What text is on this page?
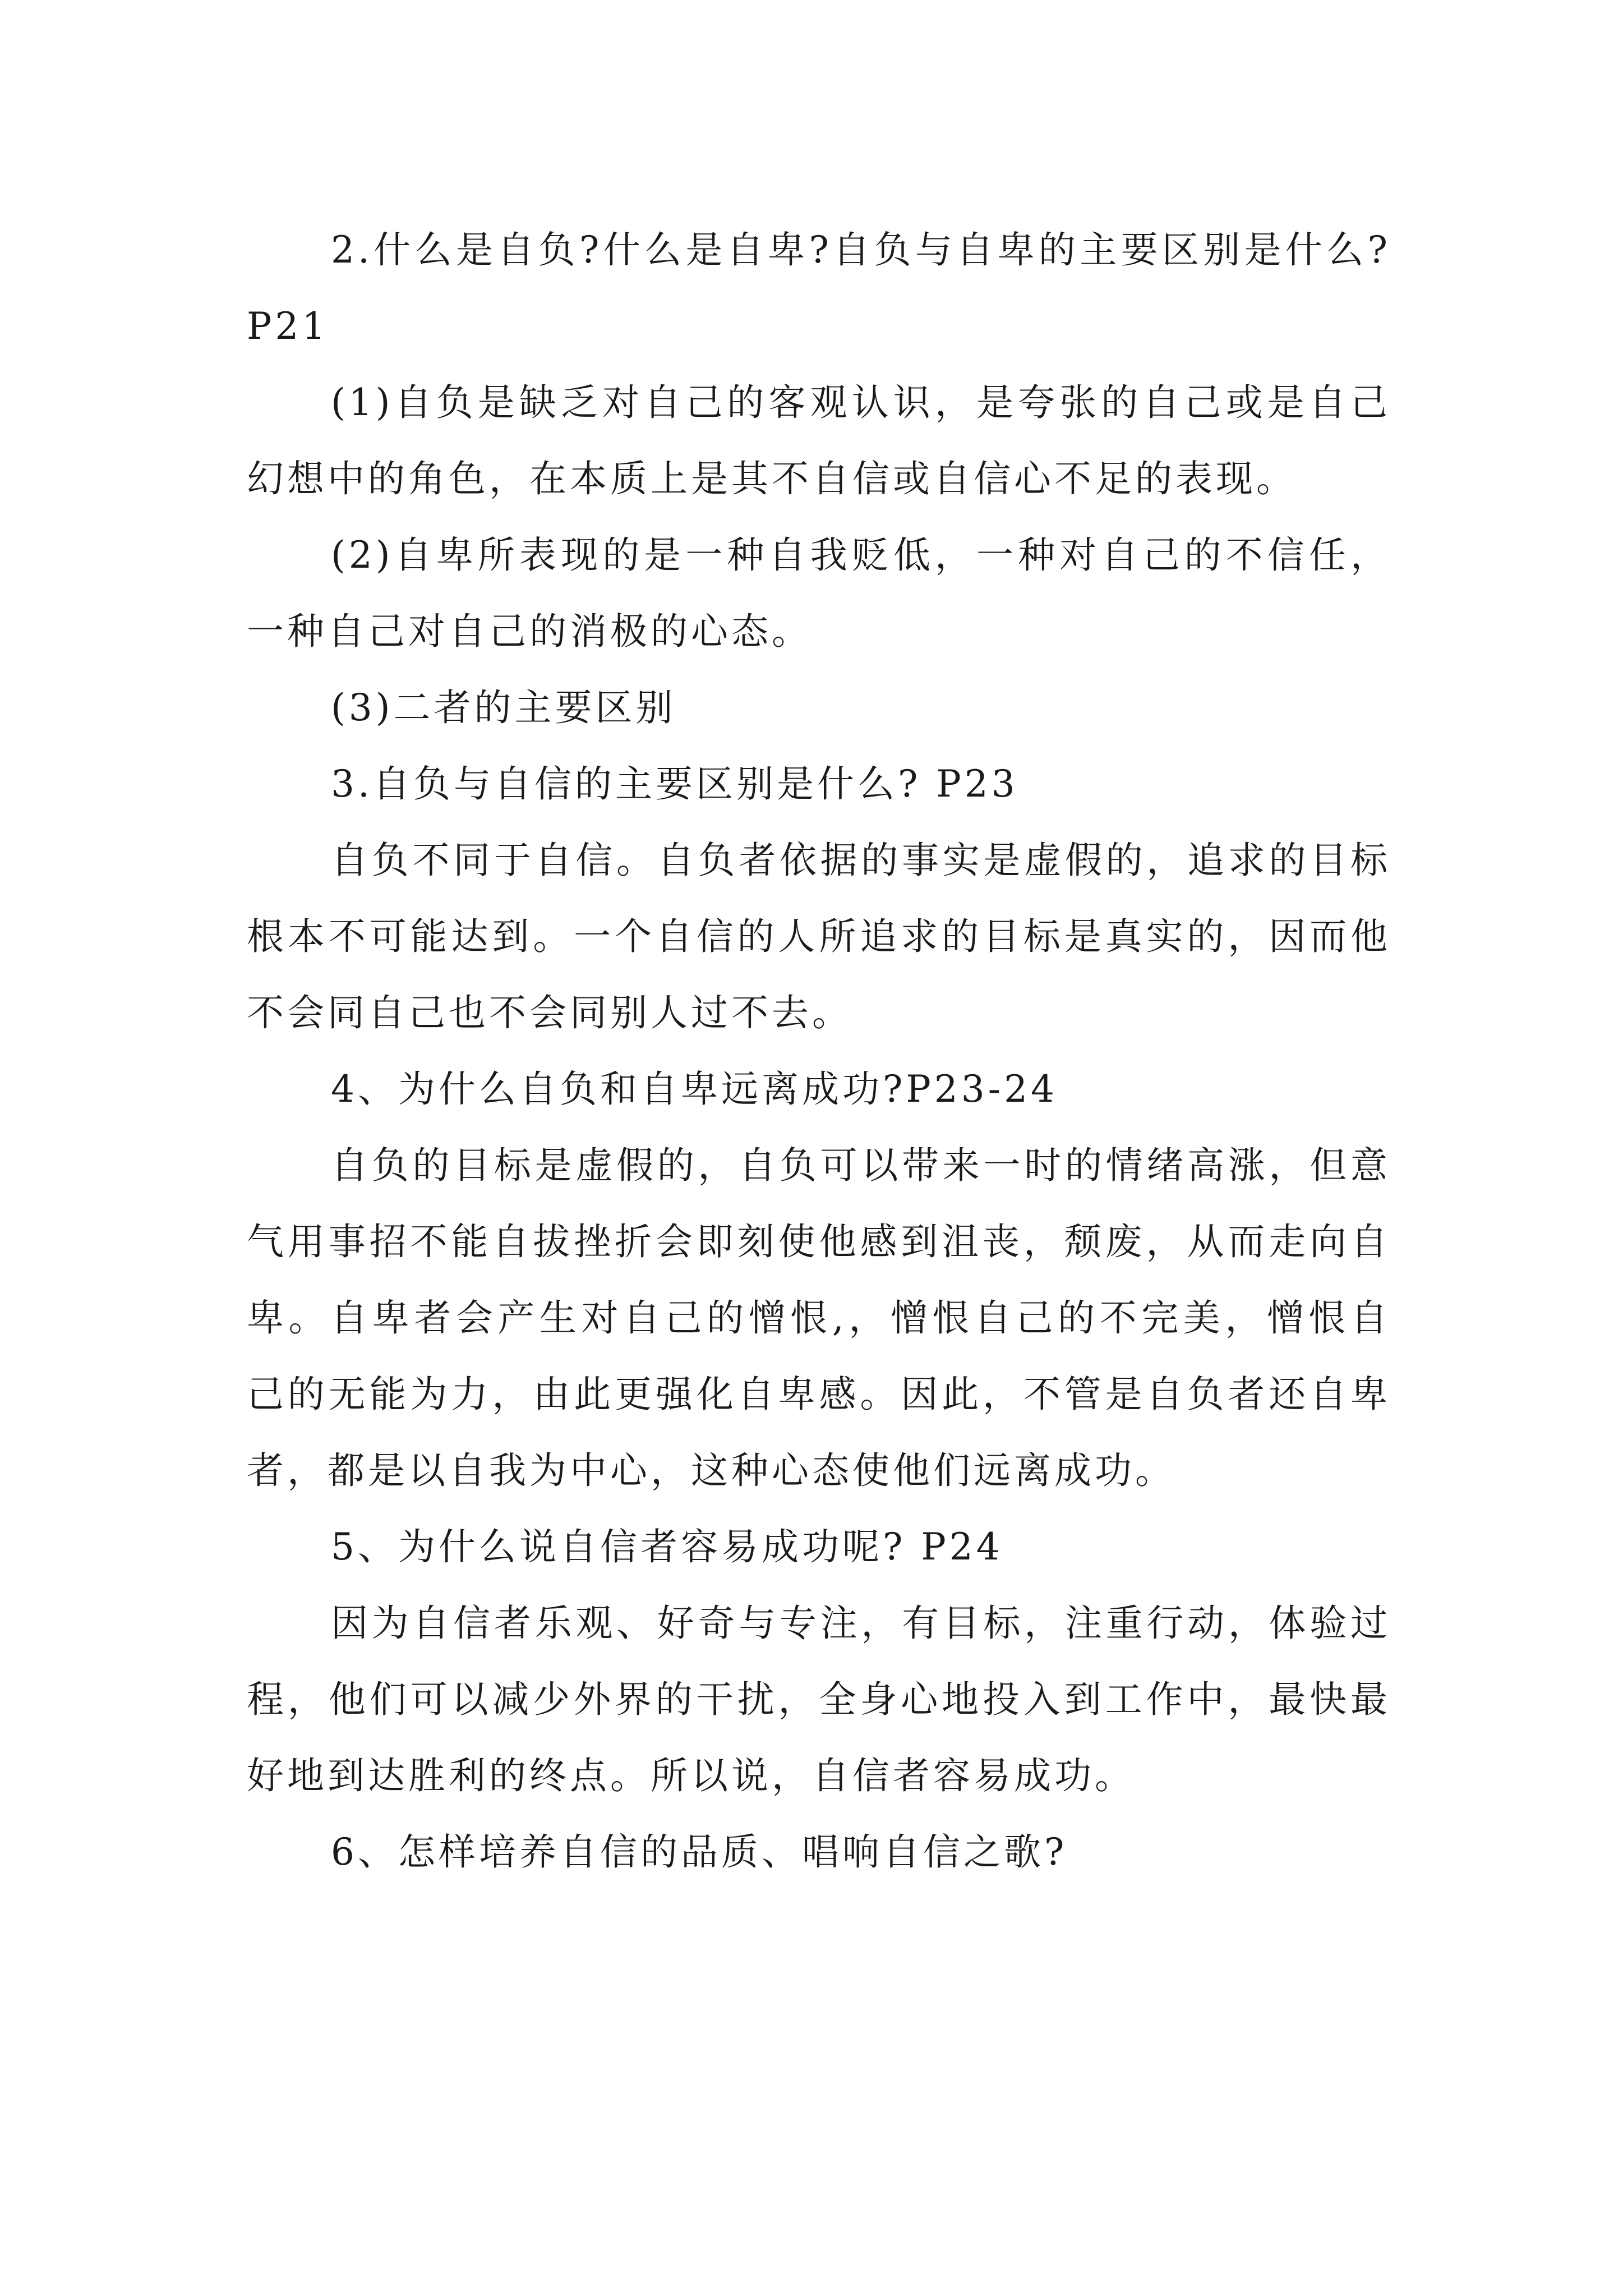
2.什么是自负?什么是自卑?自负与自卑的主要区别是什么? P21

(1)自负是缺乏对自己的客观认识，是夸张的自己或是自己幻想中的角色，在本质上是其不自信或自信心不足的表现。

(2)自卑所表现的是一种自我贬低，一种对自己的不信任，一种自己对自己的消极的心态。

(3)二者的主要区别

3.自负与自信的主要区别是什么? P23

自负不同于自信。自负者依据的事实是虚假的，追求的目标根本不可能达到。一个自信的人所追求的目标是真实的，因而他不会同自己也不会同别人过不去。

4、为什么自负和自卑远离成功?P23-24

自负的目标是虚假的，自负可以带来一时的情绪高涨，但意气用事招不能自拔挫折会即刻使他感到沮丧，颓废，从而走向自卑。自卑者会产生对自己的憎恨,，憎恨自己的不完美，憎恨自己的无能为力，由此更强化自卑感。因此，不管是自负者还自卑者，都是以自我为中心，这种心态使他们远离成功。

5、为什么说自信者容易成功呢? P24

因为自信者乐观、好奇与专注，有目标，注重行动，体验过程，他们可以减少外界的干扰，全身心地投入到工作中，最快最好地到达胜利的终点。所以说，自信者容易成功。

6、怎样培养自信的品质、唱响自信之歌?
